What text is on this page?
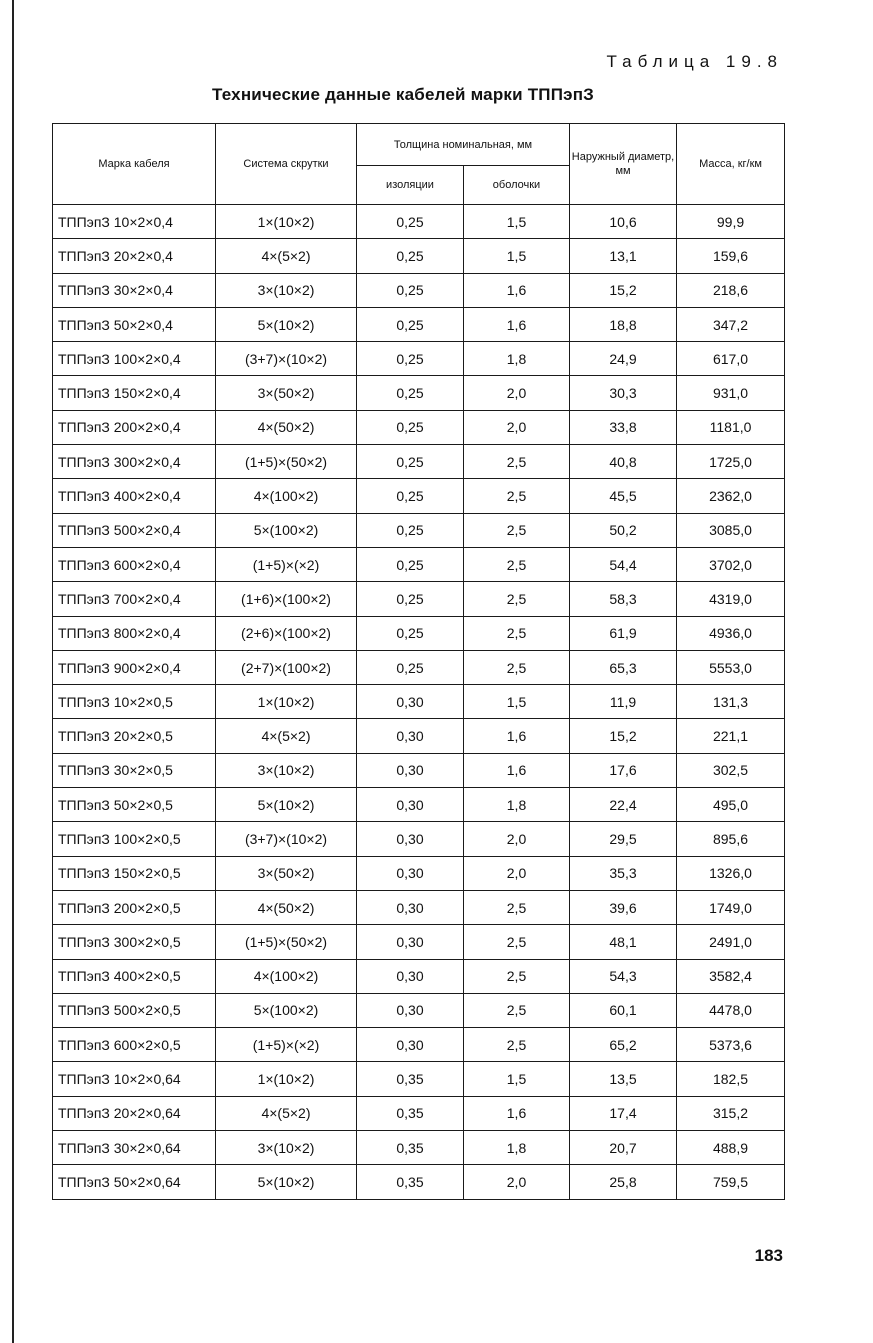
Таблица 19.8
Технические данные кабелей марки ТППэпЗ
Марка кабеля	Система скрутки	Толщина номинальная, мм		Наружный диаметр, мм	Масса, кг/км
		изоляции	оболочки		
ТППэпЗ 10×2×0,4	1×(10×2)	0,25	1,5	10,6	99,9
ТППэпЗ 20×2×0,4	4×(5×2)	0,25	1,5	13,1	159,6
ТППэпЗ 30×2×0,4	3×(10×2)	0,25	1,6	15,2	218,6
ТППэпЗ 50×2×0,4	5×(10×2)	0,25	1,6	18,8	347,2
ТППэпЗ 100×2×0,4	(3+7)×(10×2)	0,25	1,8	24,9	617,0
ТППэпЗ 150×2×0,4	3×(50×2)	0,25	2,0	30,3	931,0
ТППэпЗ 200×2×0,4	4×(50×2)	0,25	2,0	33,8	1181,0
ТППэпЗ 300×2×0,4	(1+5)×(50×2)	0,25	2,5	40,8	1725,0
ТППэпЗ 400×2×0,4	4×(100×2)	0,25	2,5	45,5	2362,0
ТППэпЗ 500×2×0,4	5×(100×2)	0,25	2,5	50,2	3085,0
ТППэпЗ 600×2×0,4	(1+5)×(×2)	0,25	2,5	54,4	3702,0
ТППэпЗ 700×2×0,4	(1+6)×(100×2)	0,25	2,5	58,3	4319,0
ТППэпЗ 800×2×0,4	(2+6)×(100×2)	0,25	2,5	61,9	4936,0
ТППэпЗ 900×2×0,4	(2+7)×(100×2)	0,25	2,5	65,3	5553,0
ТППэпЗ 10×2×0,5	1×(10×2)	0,30	1,5	11,9	131,3
ТППэпЗ 20×2×0,5	4×(5×2)	0,30	1,6	15,2	221,1
ТППэпЗ 30×2×0,5	3×(10×2)	0,30	1,6	17,6	302,5
ТППэпЗ 50×2×0,5	5×(10×2)	0,30	1,8	22,4	495,0
ТППэпЗ 100×2×0,5	(3+7)×(10×2)	0,30	2,0	29,5	895,6
ТППэпЗ 150×2×0,5	3×(50×2)	0,30	2,0	35,3	1326,0
ТППэпЗ 200×2×0,5	4×(50×2)	0,30	2,5	39,6	1749,0
ТППэпЗ 300×2×0,5	(1+5)×(50×2)	0,30	2,5	48,1	2491,0
ТППэпЗ 400×2×0,5	4×(100×2)	0,30	2,5	54,3	3582,4
ТППэпЗ 500×2×0,5	5×(100×2)	0,30	2,5	60,1	4478,0
ТППэпЗ 600×2×0,5	(1+5)×(×2)	0,30	2,5	65,2	5373,6
ТППэпЗ 10×2×0,64	1×(10×2)	0,35	1,5	13,5	182,5
ТППэпЗ 20×2×0,64	4×(5×2)	0,35	1,6	17,4	315,2
ТППэпЗ 30×2×0,64	3×(10×2)	0,35	1,8	20,7	488,9
ТППэпЗ 50×2×0,64	5×(10×2)	0,35	2,0	25,8	759,5
183
